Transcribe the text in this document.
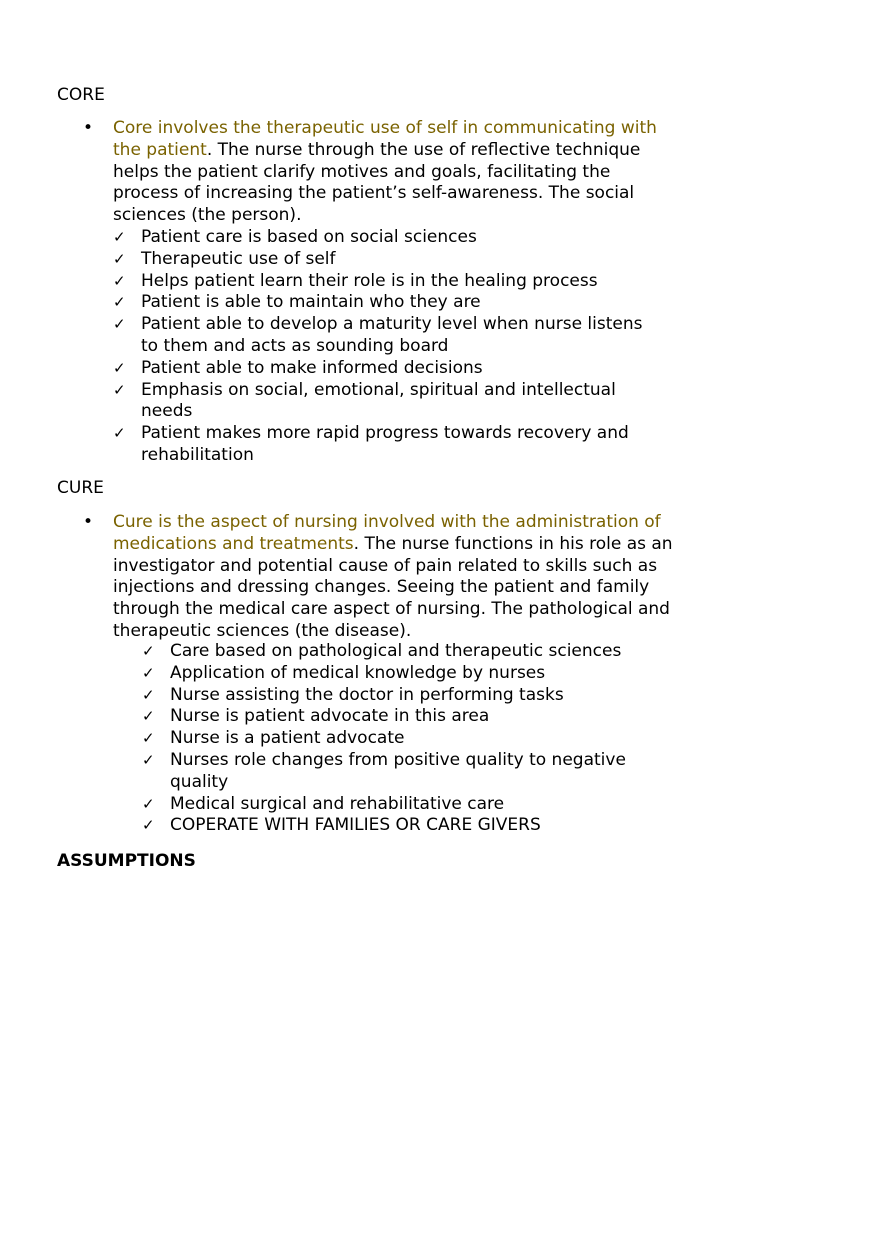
CORE
• Core involves the therapeutic use of self in communicating with the patient. The nurse through the use of reflective technique helps the patient clarify motives and goals, facilitating the process of increasing the patientʼs self-awareness. The social sciences (the person).

✓ Patient care is based on social sciences
✓ Therapeutic use of self
✓ Helps patient learn their role is in the healing process
✓ Patient is able to maintain who they are
✓ Patient able to develop a maturity level when nurse listens to them and acts as sounding board
✓ Patient able to make informed decisions
✓ Emphasis on social, emotional, spiritual and intellectual needs
✓ Patient makes more rapid progress towards recovery and rehabilitation
CURE
• Cure is the aspect of nursing involved with the administration of medications and treatments. The nurse functions in his role as an investigator and potential cause of pain related to skills such as injections and dressing changes. Seeing the patient and family through the medical care aspect of nursing. The pathological and therapeutic sciences (the disease).

✓ Care based on pathological and therapeutic sciences
✓ Application of medical knowledge by nurses
✓ Nurse assisting the doctor in performing tasks
✓ Nurse is patient advocate in this area
✓ Nurse is a patient advocate
✓ Nurses role changes from positive quality to negative quality
✓ Medical surgical and rehabilitative care
✓ COPERATE WITH FAMILIES OR CARE GIVERS
ASSUMPTIONS
